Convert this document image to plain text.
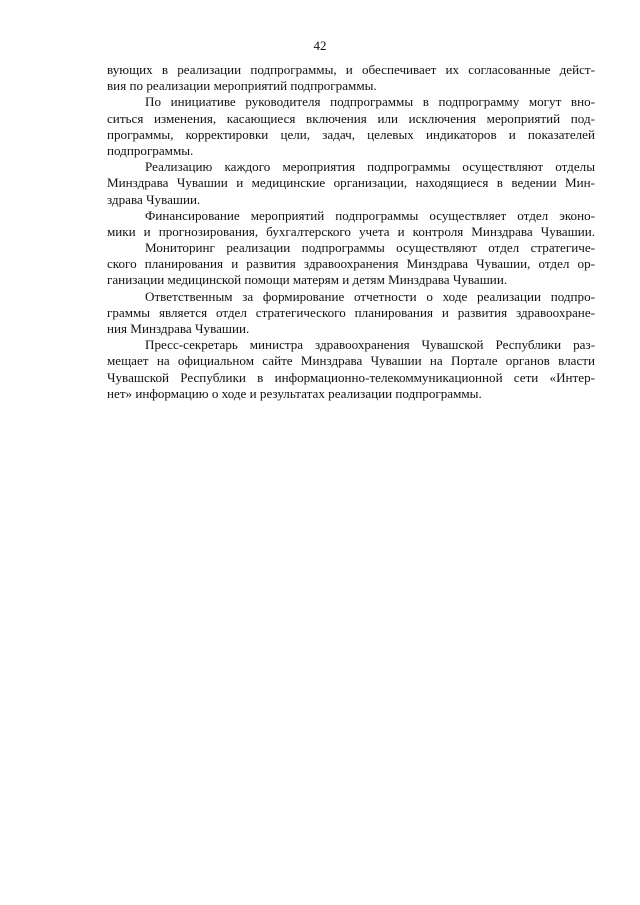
42
вующих в реализации подпрограммы, и обеспечивает их согласованные дейст-
вия по реализации мероприятий подпрограммы.
По инициативе руководителя подпрограммы в подпрограмму могут вно-
ситься изменения, касающиеся включения или исключения мероприятий под-
программы, корректировки цели, задач, целевых индикаторов и показателей
подпрограммы.
Реализацию каждого мероприятия подпрограммы осуществляют отделы
Минздрава Чувашии и медицинские организации, находящиеся в ведении Мин-
здрава Чувашии.
Финансирование мероприятий подпрограммы осуществляет отдел эконо-
мики и прогнозирования, бухгалтерского учета и контроля Минздрава Чувашии.
Мониторинг реализации подпрограммы осуществляют отдел стратегиче-
ского планирования и развития здравоохранения Минздрава Чувашии, отдел ор-
ганизации медицинской помощи матерям и детям Минздрава Чувашии.
Ответственным за формирование отчетности о ходе реализации подпро-
граммы является отдел стратегического планирования и развития здравоохране-
ния Минздрава Чувашии.
Пресс-секретарь министра здравоохранения Чувашской Республики раз-
мещает на официальном сайте Минздрава Чувашии на Портале органов власти
Чувашской Республики в информационно-телекоммуникационной сети «Интер-
нет» информацию о ходе и результатах реализации подпрограммы.
